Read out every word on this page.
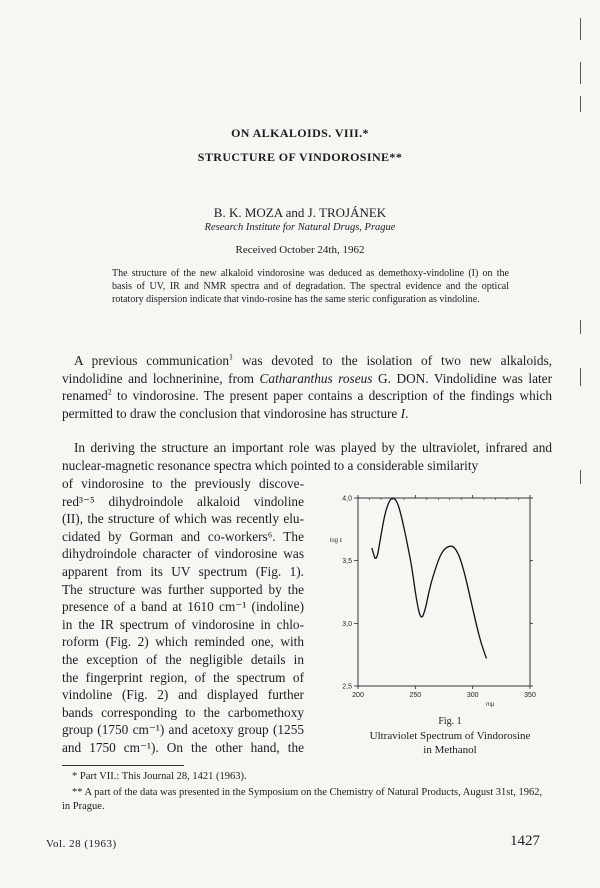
ON ALKALOIDS. VIII.*
STRUCTURE OF VINDOROSINE**
B. K. MOZA and J. TROJÁNEK
Research Institute for Natural Drugs, Prague
Received October 24th, 1962
The structure of the new alkaloid vindorosine was deduced as demethoxy-vindoline (I) on the basis of UV, IR and NMR spectra and of degradation. The spectral evidence and the optical rotatory dispersion indicate that vindo-rosine has the same steric configuration as vindoline.
A previous communication$^1$ was devoted to the isolation of two new alkaloids, vindolidine and lochnerinine, from Catharanthus roseus G. DON. Vindolidine was later renamed$^2$ to vindorosine. The present paper contains a description of the findings which permitted to draw the conclusion that vindorosine has structure I.
In deriving the structure an important role was played by the ultraviolet, infrared and nuclear-magnetic resonance spectra which pointed to a considerable similarity
of vindorosine to the previously discove-
red³⁻⁵ dihydroindole alkaloid vindoline
(II), the structure of which was recently elu-
cidated by Gorman and co-workers⁶. The
dihydroindole character of vindorosine was
apparent from its UV spectrum (Fig. 1).
The structure was further supported by the
presence of a band at 1610 cm⁻¹ (indoline)
in the IR spectrum of vindorosine in chlo-
roform (Fig. 2) which reminded one, with
the exception of the negligible details in
the fingerprint region, of the spectrum of
vindoline (Fig. 2) and displayed further
bands corresponding to the carbomethoxy
group (1750 cm⁻¹) and acetoxy group (1255
and 1750 cm⁻¹). On the other hand, the
4,0
3,5
3,0
2,5
200	250	300	350
log ε
mμ
Fig. 1
Ultraviolet Spectrum of Vindorosine
in Methanol
* Part VII.: This Journal 28, 1421 (1963).
** A part of the data was presented in the Symposium on the Chemistry of Natural Products, August 31st, 1962, in Prague.
Vol. 28 (1963)	1427
